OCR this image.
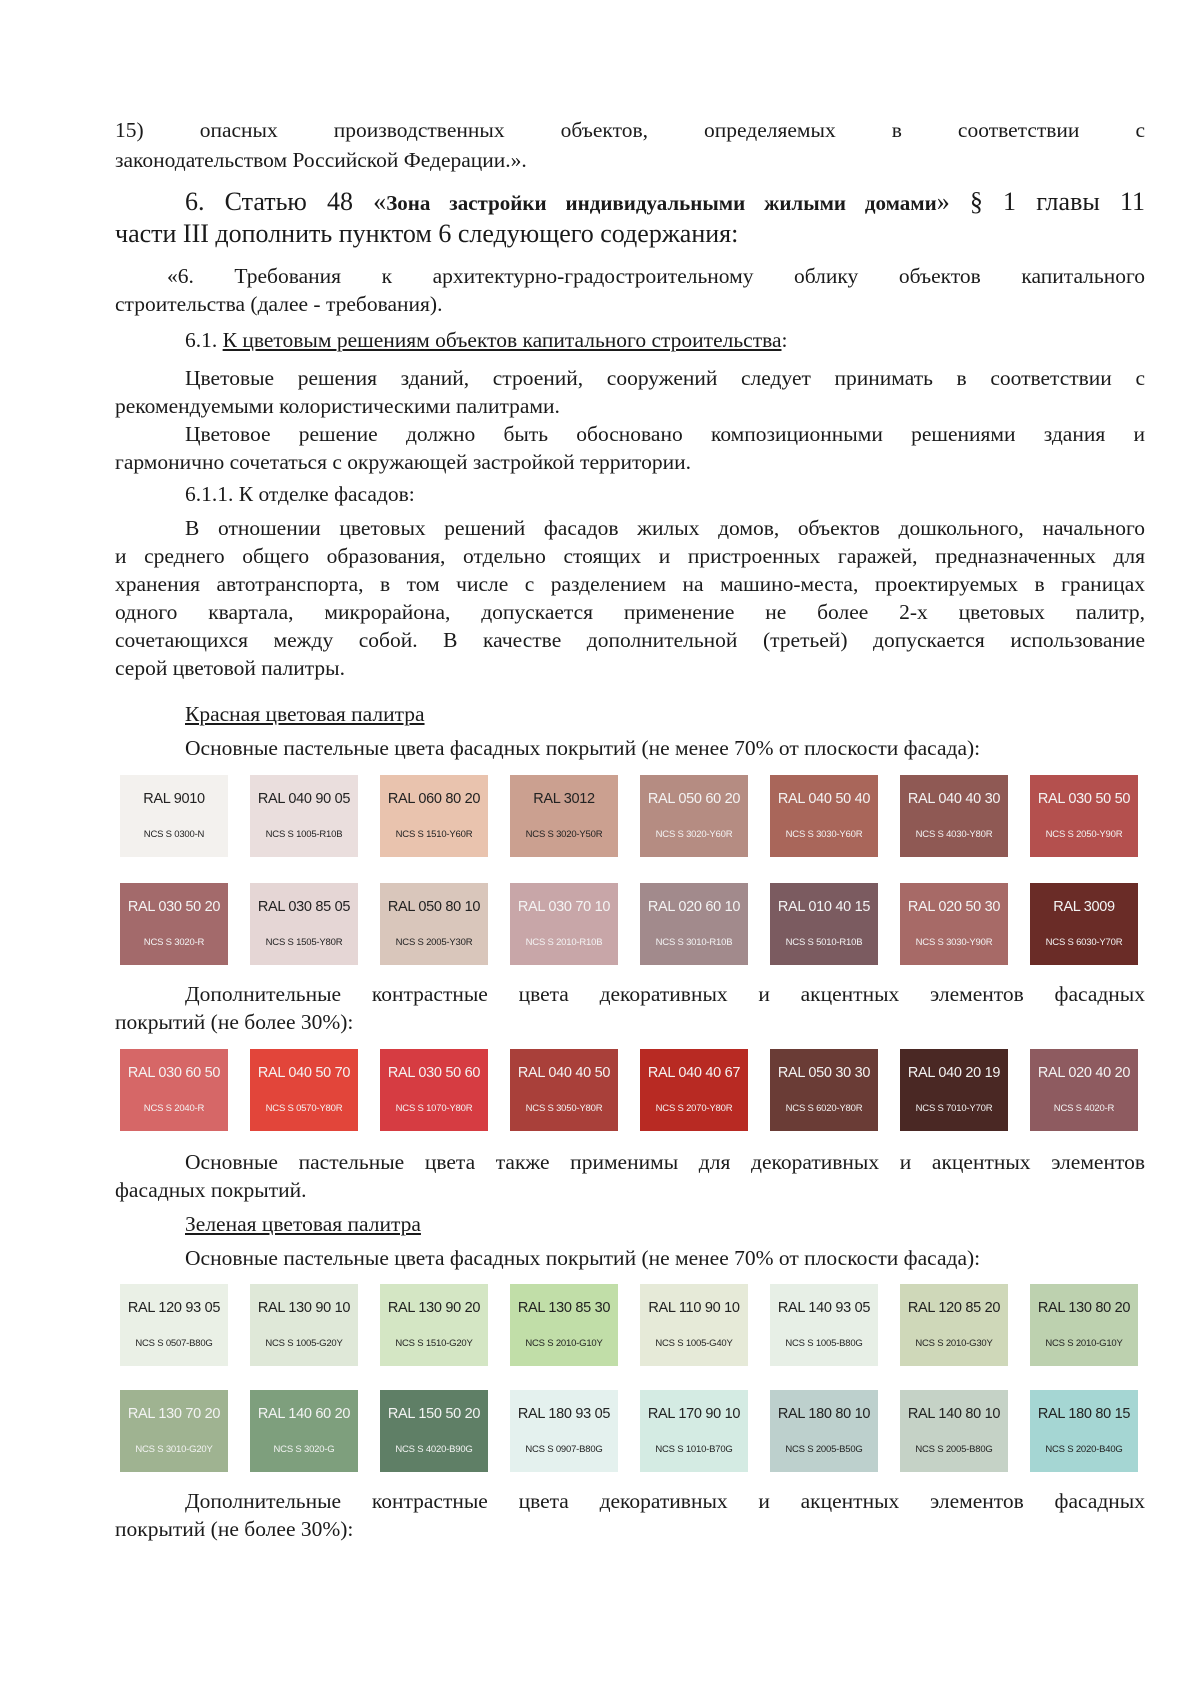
15) опасных производственных объектов, определяемых в соответствии с
законодательством Российской Федерации.».
6. Статью 48 «Зона застройки индивидуальными жилыми домами» § 1 главы 11
части III дополнить пунктом 6 следующего содержания:
«6. Требования к архитектурно-градостроительному облику объектов капитального
строительства (далее - требования).
6.1. К цветовым решениям объектов капитального строительства:
Цветовые решения зданий, строений, сооружений следует принимать в соответствии с
рекомендуемыми колористическими палитрами.
Цветовое решение должно быть обосновано композиционными решениями здания и
гармонично сочетаться с окружающей застройкой территории.
6.1.1. К отделке фасадов:
В отношении цветовых решений фасадов жилых домов, объектов дошкольного, начального
и среднего общего образования, отдельно стоящих и пристроенных гаражей, предназначенных для
хранения автотранспорта, в том числе с разделением на машино-места, проектируемых в границах
одного квартала, микрорайона, допускается применение не более 2-х цветовых палитр,
сочетающихся между собой. В качестве дополнительной (третьей) допускается использование
серой цветовой палитры.
Красная цветовая палитра
Основные пастельные цвета фасадных покрытий (не менее 70% от плоскости фасада):
RAL 9010
NCS S 0300-N
RAL 040 90 05
NCS S 1005-R10B
RAL 060 80 20
NCS S 1510-Y60R
RAL 3012
NCS S 3020-Y50R
RAL 050 60 20
NCS S 3020-Y60R
RAL 040 50 40
NCS S 3030-Y60R
RAL 040 40 30
NCS S 4030-Y80R
RAL 030 50 50
NCS S 2050-Y90R
RAL 030 50 20
NCS S 3020-R
RAL 030 85 05
NCS S 1505-Y80R
RAL 050 80 10
NCS S 2005-Y30R
RAL 030 70 10
NCS S 2010-R10B
RAL 020 60 10
NCS S 3010-R10B
RAL 010 40 15
NCS S 5010-R10B
RAL 020 50 30
NCS S 3030-Y90R
RAL 3009
NCS S 6030-Y70R
Дополнительные контрастные цвета декоративных и акцентных элементов фасадных
покрытий (не более 30%):
RAL 030 60 50
NCS S 2040-R
RAL 040 50 70
NCS S 0570-Y80R
RAL 030 50 60
NCS S 1070-Y80R
RAL 040 40 50
NCS S 3050-Y80R
RAL 040 40 67
NCS S 2070-Y80R
RAL 050 30 30
NCS S 6020-Y80R
RAL 040 20 19
NCS S 7010-Y70R
RAL 020 40 20
NCS S 4020-R
Основные пастельные цвета также применимы для декоративных и акцентных элементов
фасадных покрытий.
Зеленая цветовая палитра
Основные пастельные цвета фасадных покрытий (не менее 70% от плоскости фасада):
RAL 120 93 05
NCS S 0507-B80G
RAL 130 90 10
NCS S 1005-G20Y
RAL 130 90 20
NCS S 1510-G20Y
RAL 130 85 30
NCS S 2010-G10Y
RAL 110 90 10
NCS S 1005-G40Y
RAL 140 93 05
NCS S 1005-B80G
RAL 120 85 20
NCS S 2010-G30Y
RAL 130 80 20
NCS S 2010-G10Y
RAL 130 70 20
NCS S 3010-G20Y
RAL 140 60 20
NCS S 3020-G
RAL 150 50 20
NCS S 4020-B90G
RAL 180 93 05
NCS S 0907-B80G
RAL 170 90 10
NCS S 1010-B70G
RAL 180 80 10
NCS S 2005-B50G
RAL 140 80 10
NCS S 2005-B80G
RAL 180 80 15
NCS S 2020-B40G
Дополнительные контрастные цвета декоративных и акцентных элементов фасадных
покрытий (не более 30%):
